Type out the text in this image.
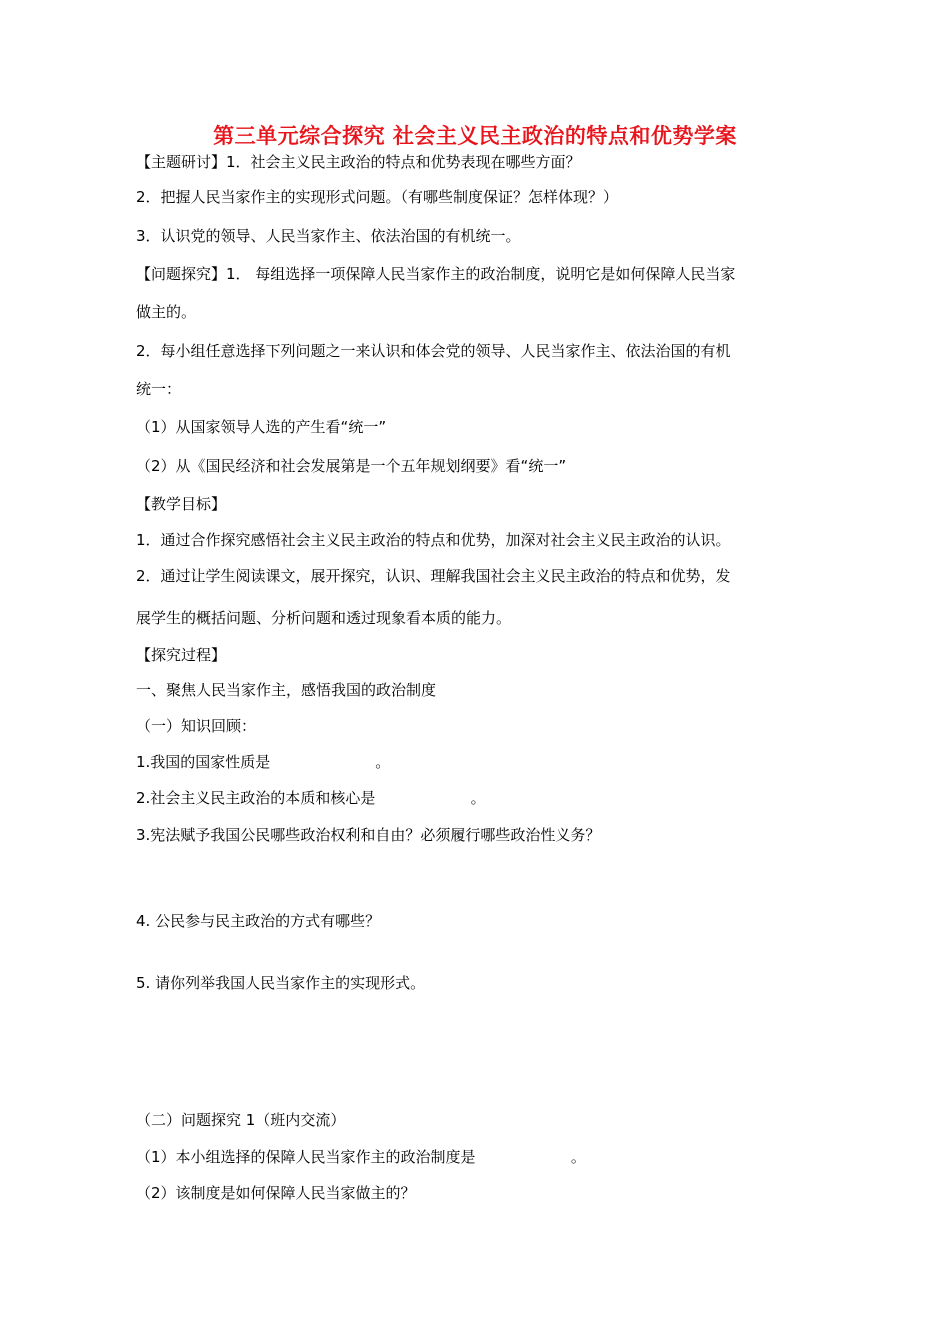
第三单元综合探究 社会主义民主政治的特点和优势学案
【主题研讨】1．社会主义民主政治的特点和优势表现在哪些方面？
2．把握人民当家作主的实现形式问题。（有哪些制度保证？怎样体现？）
3．认识党的领导、人民当家作主、依法治国的有机统一。
【问题探究】1． 每组选择一项保障人民当家作主的政治制度，说明它是如何保障人民当家
做主的。
2．每小组任意选择下列问题之一来认识和体会党的领导、人民当家作主、依法治国的有机
统一：
（1）从国家领导人选的产生看“统一”
（2）从《国民经济和社会发展第是一个五年规划纲要》看“统一”
【教学目标】
1．通过合作探究感悟社会主义民主政治的特点和优势，加深对社会主义民主政治的认识。
2．通过让学生阅读课文，展开探究，认识、理解我国社会主义民主政治的特点和优势，发
展学生的概括问题、分析问题和透过现象看本质的能力。
【探究过程】
一、聚焦人民当家作主，感悟我国的政治制度
（一）知识回顾：
1.我国的国家性质是                      。
2.社会主义民主政治的本质和核心是                    。
3.宪法赋予我国公民哪些政治权利和自由？必须履行哪些政治性义务？
4. 公民参与民主政治的方式有哪些？
5. 请你列举我国人民当家作主的实现形式。
（二）问题探究 1（班内交流）
（1）本小组选择的保障人民当家作主的政治制度是                    。
（2）该制度是如何保障人民当家做主的？
